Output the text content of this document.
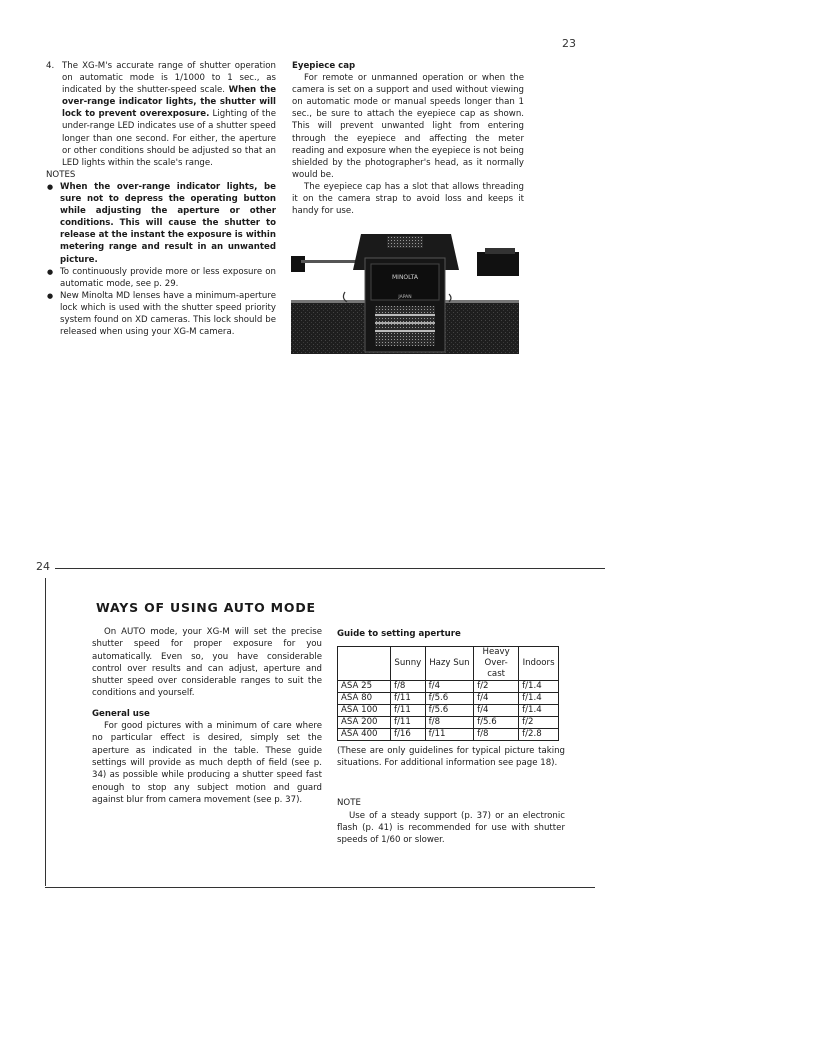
23
4. The XG-M's accurate range of shutter operation on automatic mode is 1/1000 to 1 sec., as indicated by the shutter-speed scale. When the over-range indicator lights, the shutter will lock to prevent overexposure. Lighting of the under-range LED indicates use of a shutter speed longer than one second. For either, the aperture or other conditions should be adjusted so that an LED lights within the scale's range.

NOTES

● When the over-range indicator lights, be sure not to depress the operating button while adjusting the aperture or other conditions. This will cause the shutter to release at the instant the exposure is within metering range and result in an unwanted picture.
● To continuously provide more or less exposure on automatic mode, see p. 29.
● New Minolta MD lenses have a minimum-aperture lock which is used with the shutter speed priority system found on XD cameras. This lock should be released when using your XG-M camera.

Eyepiece cap

For remote or unmanned operation or when the camera is set on a support and used without viewing on automatic mode or manual speeds longer than 1 sec., be sure to attach the eyepiece cap as shown. This will prevent unwanted light from entering through the eyepiece and affecting the meter reading and exposure when the eyepiece is not being shielded by the photographer's head, as it normally would be.

The eyepiece cap has a slot that allows threading it on the camera strap to avoid loss and keeps it handy for use.

MINOLTA
JAPAN
24
WAYS OF USING AUTO MODE

On AUTO mode, your XG-M will set the precise shutter speed for proper exposure for you automatically. Even so, you have considerable control over results and can adjust, aperture and shutter speed over considerable ranges to suit the conditions and yourself.

General use

For good pictures with a minimum of care where no particular effect is desired, simply set the aperture as indicated in the table. These guide settings will provide as much depth of field (see p. 34) as possible while producing a shutter speed fast enough to stop any subject motion and guard against blur from camera movement (see p. 37).

Guide to setting aperture

	Sunny	Hazy Sun	Heavy Over-cast	Indoors
ASA 25	f/8	f/4	f/2	f/1.4
ASA 80	f/11	f/5.6	f/4	f/1.4
ASA 100	f/11	f/5.6	f/4	f/1.4
ASA 200	f/11	f/8	f/5.6	f/2
ASA 400	f/16	f/11	f/8	f/2.8

(These are only guidelines for typical picture taking situations. For additional information see page 18).

NOTE

Use of a steady support (p. 37) or an electronic flash (p. 41) is recommended for use with shutter speeds of 1/60 or slower.
